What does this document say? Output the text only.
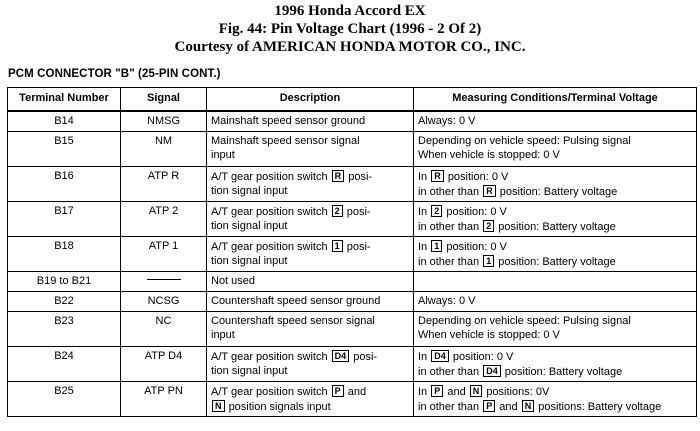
1996 Honda Accord EX
Fig. 44: Pin Voltage Chart (1996 - 2 Of 2)
Courtesy of AMERICAN HONDA MOTOR CO., INC.
PCM CONNECTOR "B" (25-PIN CONT.)
Terminal Number	Signal	Description	Measuring Conditions/Terminal Voltage
B14	NMSG	Mainshaft speed sensor ground	Always: 0 V
B15	NM	Mainshaft speed sensor signal
input	Depending on vehicle speed: Pulsing signal
When vehicle is stopped: 0 V
B16	ATP R	A/T gear position switch R posi-
tion signal input	In R position: 0 V
in other than R position: Battery voltage
B17	ATP 2	A/T gear position switch 2 posi-
tion signal input	In 2 position: 0 V
in other than 2 position: Battery voltage
B18	ATP 1	A/T gear position switch 1 posi-
tion signal input	In 1 position: 0 V
in other than 1 position: Battery voltage
B19 to B21		Not used	
B22	NCSG	Countershaft speed sensor ground	Always: 0 V
B23	NC	Countershaft speed sensor signal
input	Depending on vehicle speed: Pulsing signal
When vehicle is stopped: 0 V
B24	ATP D4	A/T gear position switch D4 posi-
tion signal input	In D4 position: 0 V
in other than D4 position: Battery voltage
B25	ATP PN	A/T gear position switch P and
N position signals input	In P and N positions: 0V
in other than P and N positions: Battery voltage
